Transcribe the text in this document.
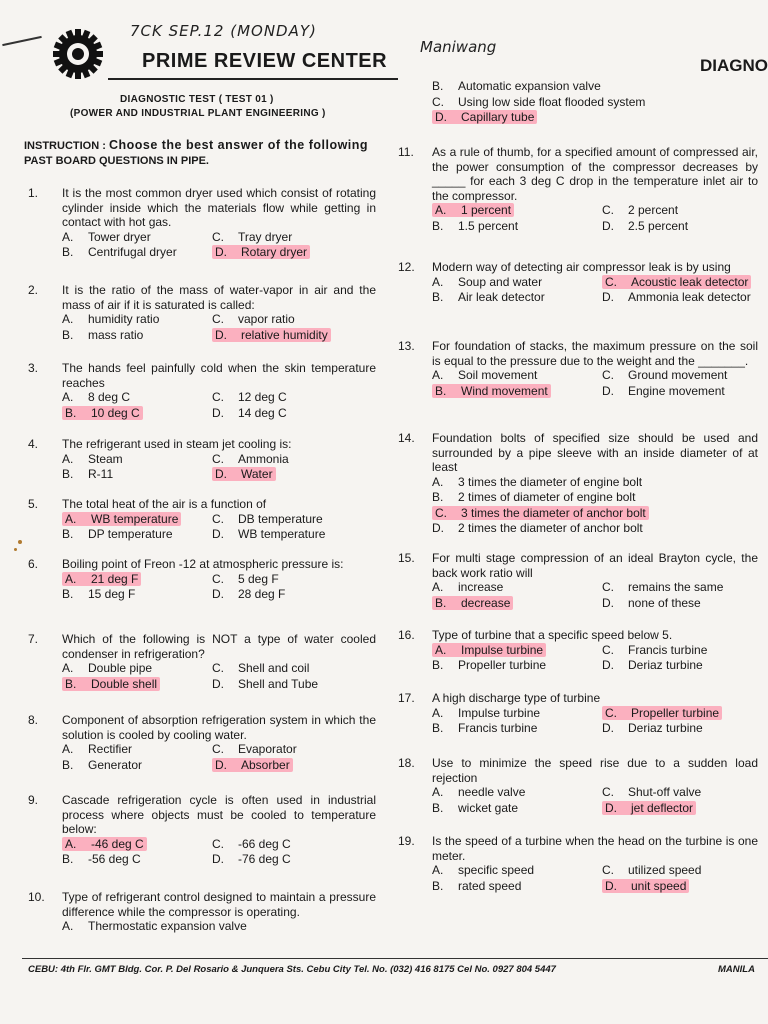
7CK SEP.12 (MONDAY)
Maniwang
PRIME REVIEW CENTER	DIAGNO
DIAGNOSTIC TEST ( TEST 01 )
(POWER AND INDUSTRIAL PLANT ENGINEERING )
INSTRUCTION : Choose the best answer of the following PAST BOARD QUESTIONS IN PIPE.
1.	It is the most common dryer used which consist of rotating cylinder inside which the materials flow while getting in contact with hot gas.
A. Tower dryer	C. Tray dryer
B. Centrifugal dryer	D. Rotary dryer
2.	It is the ratio of the mass of water-vapor in air and the mass of air if it is saturated is called:
A. humidity ratio	C. vapor ratio
B. mass ratio	D. relative humidity
3.	The hands feel painfully cold when the skin temperature reaches
A. 8 deg C	C. 12 deg C
B. 10 deg C	D. 14 deg C
4.	The refrigerant used in steam jet cooling is:
A. Steam	C. Ammonia
B. R-11	D. Water
5.	The total heat of the air is a function of
A. WB temperature	C. DB temperature
B. DP temperature	D. WB temperature
6.	Boiling point of Freon -12 at atmospheric pressure is:
A. 21 deg F	C. 5 deg F
B. 15 deg F	D. 28 deg F
7.	Which of the following is NOT a type of water cooled condenser in refrigeration?
A. Double pipe	C. Shell and coil
B. Double shell	D. Shell and Tube
8.	Component of absorption refrigeration system in which the solution is cooled by cooling water.
A. Rectifier	C. Evaporator
B. Generator	D. Absorber
9.	Cascade refrigeration cycle is often used in industrial process where objects must be cooled to temperature below:
A. -46 deg C	C. -66 deg C
B. -56 deg C	D. -76 deg C
10.	Type of refrigerant control designed to maintain a pressure difference while the compressor is operating.
A. Thermostatic expansion valve
B. Automatic expansion valve
C. Using low side float flooded system
D. Capillary tube
11.	As a rule of thumb, for a specified amount of compressed air, the power consumption of the compressor decreases by _____ for each 3 deg C drop in the temperature inlet air to the compressor.
A. 1 percent	C. 2 percent
B. 1.5 percent	D. 2.5 percent
12.	Modern way of detecting air compressor leak is by using
A. Soup and water	C. Acoustic leak detector
B. Air leak detector	D. Ammonia leak detector
13.	For foundation of stacks, the maximum pressure on the soil is equal to the pressure due to the weight and the _______.
A. Soil movement	C. Ground movement
B. Wind movement	D. Engine movement
14.	Foundation bolts of specified size should be used and surrounded by a pipe sleeve with an inside diameter of at least
A. 3 times the diameter of engine bolt
B. 2 times of diameter of engine bolt
C. 3 times the diameter of anchor bolt
D. 2 times the diameter of anchor bolt
15.	For multi stage compression of an ideal Brayton cycle, the back work ratio will
A. increase	C. remains the same
B. decrease	D. none of these
16.	Type of turbine that a specific speed below 5.
A. Impulse turbine	C. Francis turbine
B. Propeller turbine	D. Deriaz turbine
17.	A high discharge type of turbine
A. Impulse turbine	C. Propeller turbine
B. Francis turbine	D. Deriaz turbine
18.	Use to minimize the speed rise due to a sudden load rejection
A. needle valve	C. Shut-off valve
B. wicket gate	D. jet deflector
19.	Is the speed of a turbine when the head on the turbine is one meter.
A. specific speed	C. utilized speed
B. rated speed	D. unit speed
CEBU: 4th Flr. GMT Bldg. Cor. P. Del Rosario & Junquera Sts. Cebu City Tel. No. (032) 416 8175 Cel No. 0927 804 5447	MANILA
